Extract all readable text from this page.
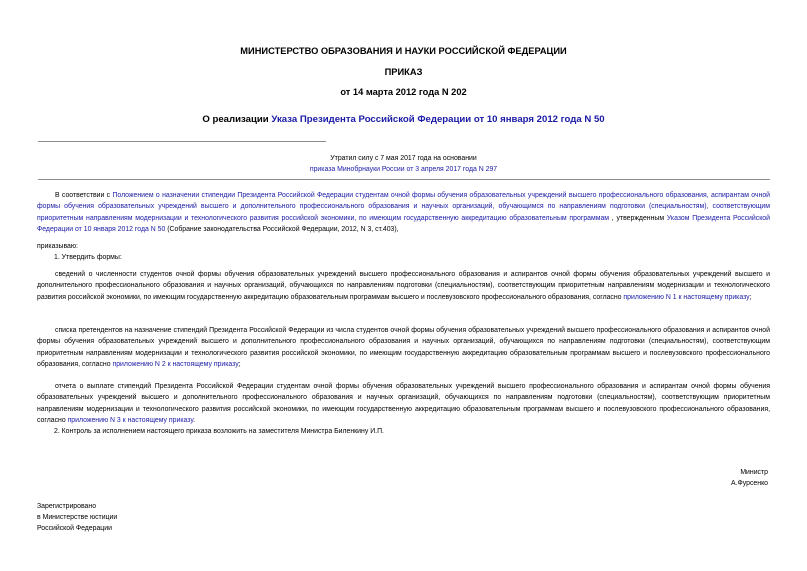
МИНИСТЕРСТВО ОБРАЗОВАНИЯ И НАУКИ РОССИЙСКОЙ ФЕДЕРАЦИИ
ПРИКАЗ
от 14 марта 2012 года N 202
О реализации Указа Президента Российской Федерации от 10 января 2012 года N 50
Утратил силу с 7 мая 2017 года на основании
приказа Минобрнауки России от 3 апреля 2017 года N 297
В соответствии с Положением о назначении стипендии Президента Российской Федерации студентам очной формы обучения образовательных учреждений высшего профессионального образования, аспирантам очной формы обучения образовательных учреждений высшего и дополнительного профессионального образования и научных организаций, обучающимся по направлениям подготовки (специальностям), соответствующим приоритетным направлениям модернизации и технологического развития российской экономики, по имеющим государственную аккредитацию образовательным программам , утвержденным Указом Президента Российской Федерации от 10 января 2012 года N 50 (Собрание законодательства Российской Федерации, 2012, N 3, ст.403),
приказываю:
1. Утвердить формы:
сведений о численности студентов очной формы обучения образовательных учреждений высшего профессионального образования и аспирантов очной формы обучения образовательных учреждений высшего и дополнительного профессионального образования и научных организаций, обучающихся по направлениям подготовки (специальностям), соответствующим приоритетным направлениям модернизации и технологического развития российской экономики, по имеющим государственную аккредитацию образовательным программам высшего и послевузовского профессионального образования, согласно приложению N 1 к настоящему приказу;
списка претендентов на назначение стипендий Президента Российской Федерации из числа студентов очной формы обучения образовательных учреждений высшего профессионального образования и аспирантов очной формы обучения образовательных учреждений высшего и дополнительного профессионального образования и научных организаций, обучающихся по направлениям подготовки (специальностям), соответствующим приоритетным направлениям модернизации и технологического развития российской экономики, по имеющим государственную аккредитацию образовательным программам высшего и послевузовского профессионального образования, согласно приложению N 2 к настоящему приказу;
отчета о выплате стипендий Президента Российской Федерации студентам очной формы обучения образовательных учреждений высшего профессионального образования и аспирантам очной формы обучения образовательных учреждений высшего и дополнительного профессионального образования и научных организаций, обучающихся по направлениям подготовки (специальностям), соответствующим приоритетным направлениям модернизации и технологического развития российской экономики, по имеющим государственную аккредитацию образовательным программам высшего и послевузовского профессионального образования, согласно приложению N 3 к настоящему приказу.
2. Контроль за исполнением настоящего приказа возложить на заместителя Министра Биленкину И.П.
Министр
А.Фурсенко
Зарегистрировано
в Министерстве юстиции
Российской Федерации
